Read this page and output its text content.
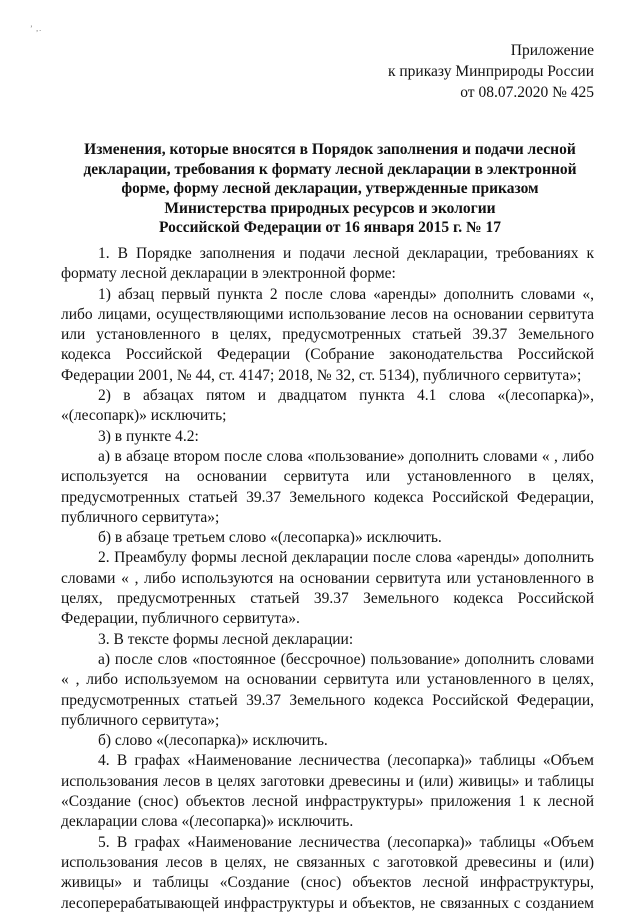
’ ,.
Приложение
к приказу Минприроды России
от 08.07.2020 № 425
Изменения, которые вносятся в Порядок заполнения и подачи лесной
декларации, требования к формату лесной декларации в электронной
форме, форму лесной декларации, утвержденные приказом
Министерства природных ресурсов и экологии
Российской Федерации от 16 января 2015 г. № 17

1. В Порядке заполнения и подачи лесной декларации, требованиях к формату лесной декларации в электронной форме:

1) абзац первый пункта 2 после слова «аренды» дополнить словами «, либо лицами, осуществляющими использование лесов на основании сервитута или установленного в целях, предусмотренных статьей 39.37 Земельного кодекса Российской Федерации (Собрание законодательства Российской Федерации 2001, № 44, ст. 4147; 2018, № 32, ст. 5134), публичного сервитута»;

2) в абзацах пятом и двадцатом пункта 4.1 слова «(лесопарка)», «(лесопарк)» исключить;

3) в пункте 4.2:

а) в абзаце втором после слова «пользование» дополнить словами « , либо используется на основании сервитута или установленного в целях, предусмотренных статьей 39.37 Земельного кодекса Российской Федерации, публичного сервитута»;

б) в абзаце третьем слово «(лесопарка)» исключить.

2. Преамбулу формы лесной декларации после слова «аренды» дополнить словами « , либо используются на основании сервитута или установленного в целях, предусмотренных статьей 39.37 Земельного кодекса Российской Федерации, публичного сервитута».

3. В тексте формы лесной декларации:

а) после слов «постоянное (бессрочное) пользование» дополнить словами « , либо используемом на основании сервитута или установленного в целях, предусмотренных статьей 39.37 Земельного кодекса Российской Федерации, публичного сервитута»;

б) слово «(лесопарка)» исключить.

4. В графах «Наименование лесничества (лесопарка)» таблицы «Объем использования лесов в целях заготовки древесины и (или) живицы» и таблицы «Создание (снос) объектов лесной инфраструктуры» приложения 1 к лесной декларации слова «(лесопарка)» исключить.

5. В графах «Наименование лесничества (лесопарка)» таблицы «Объем использования лесов в целях, не связанных с заготовкой древесины и (или) живицы» и таблицы «Создание (снос) объектов лесной инфраструктуры, лесоперерабатывающей инфраструктуры и объектов, не связанных с созданием
